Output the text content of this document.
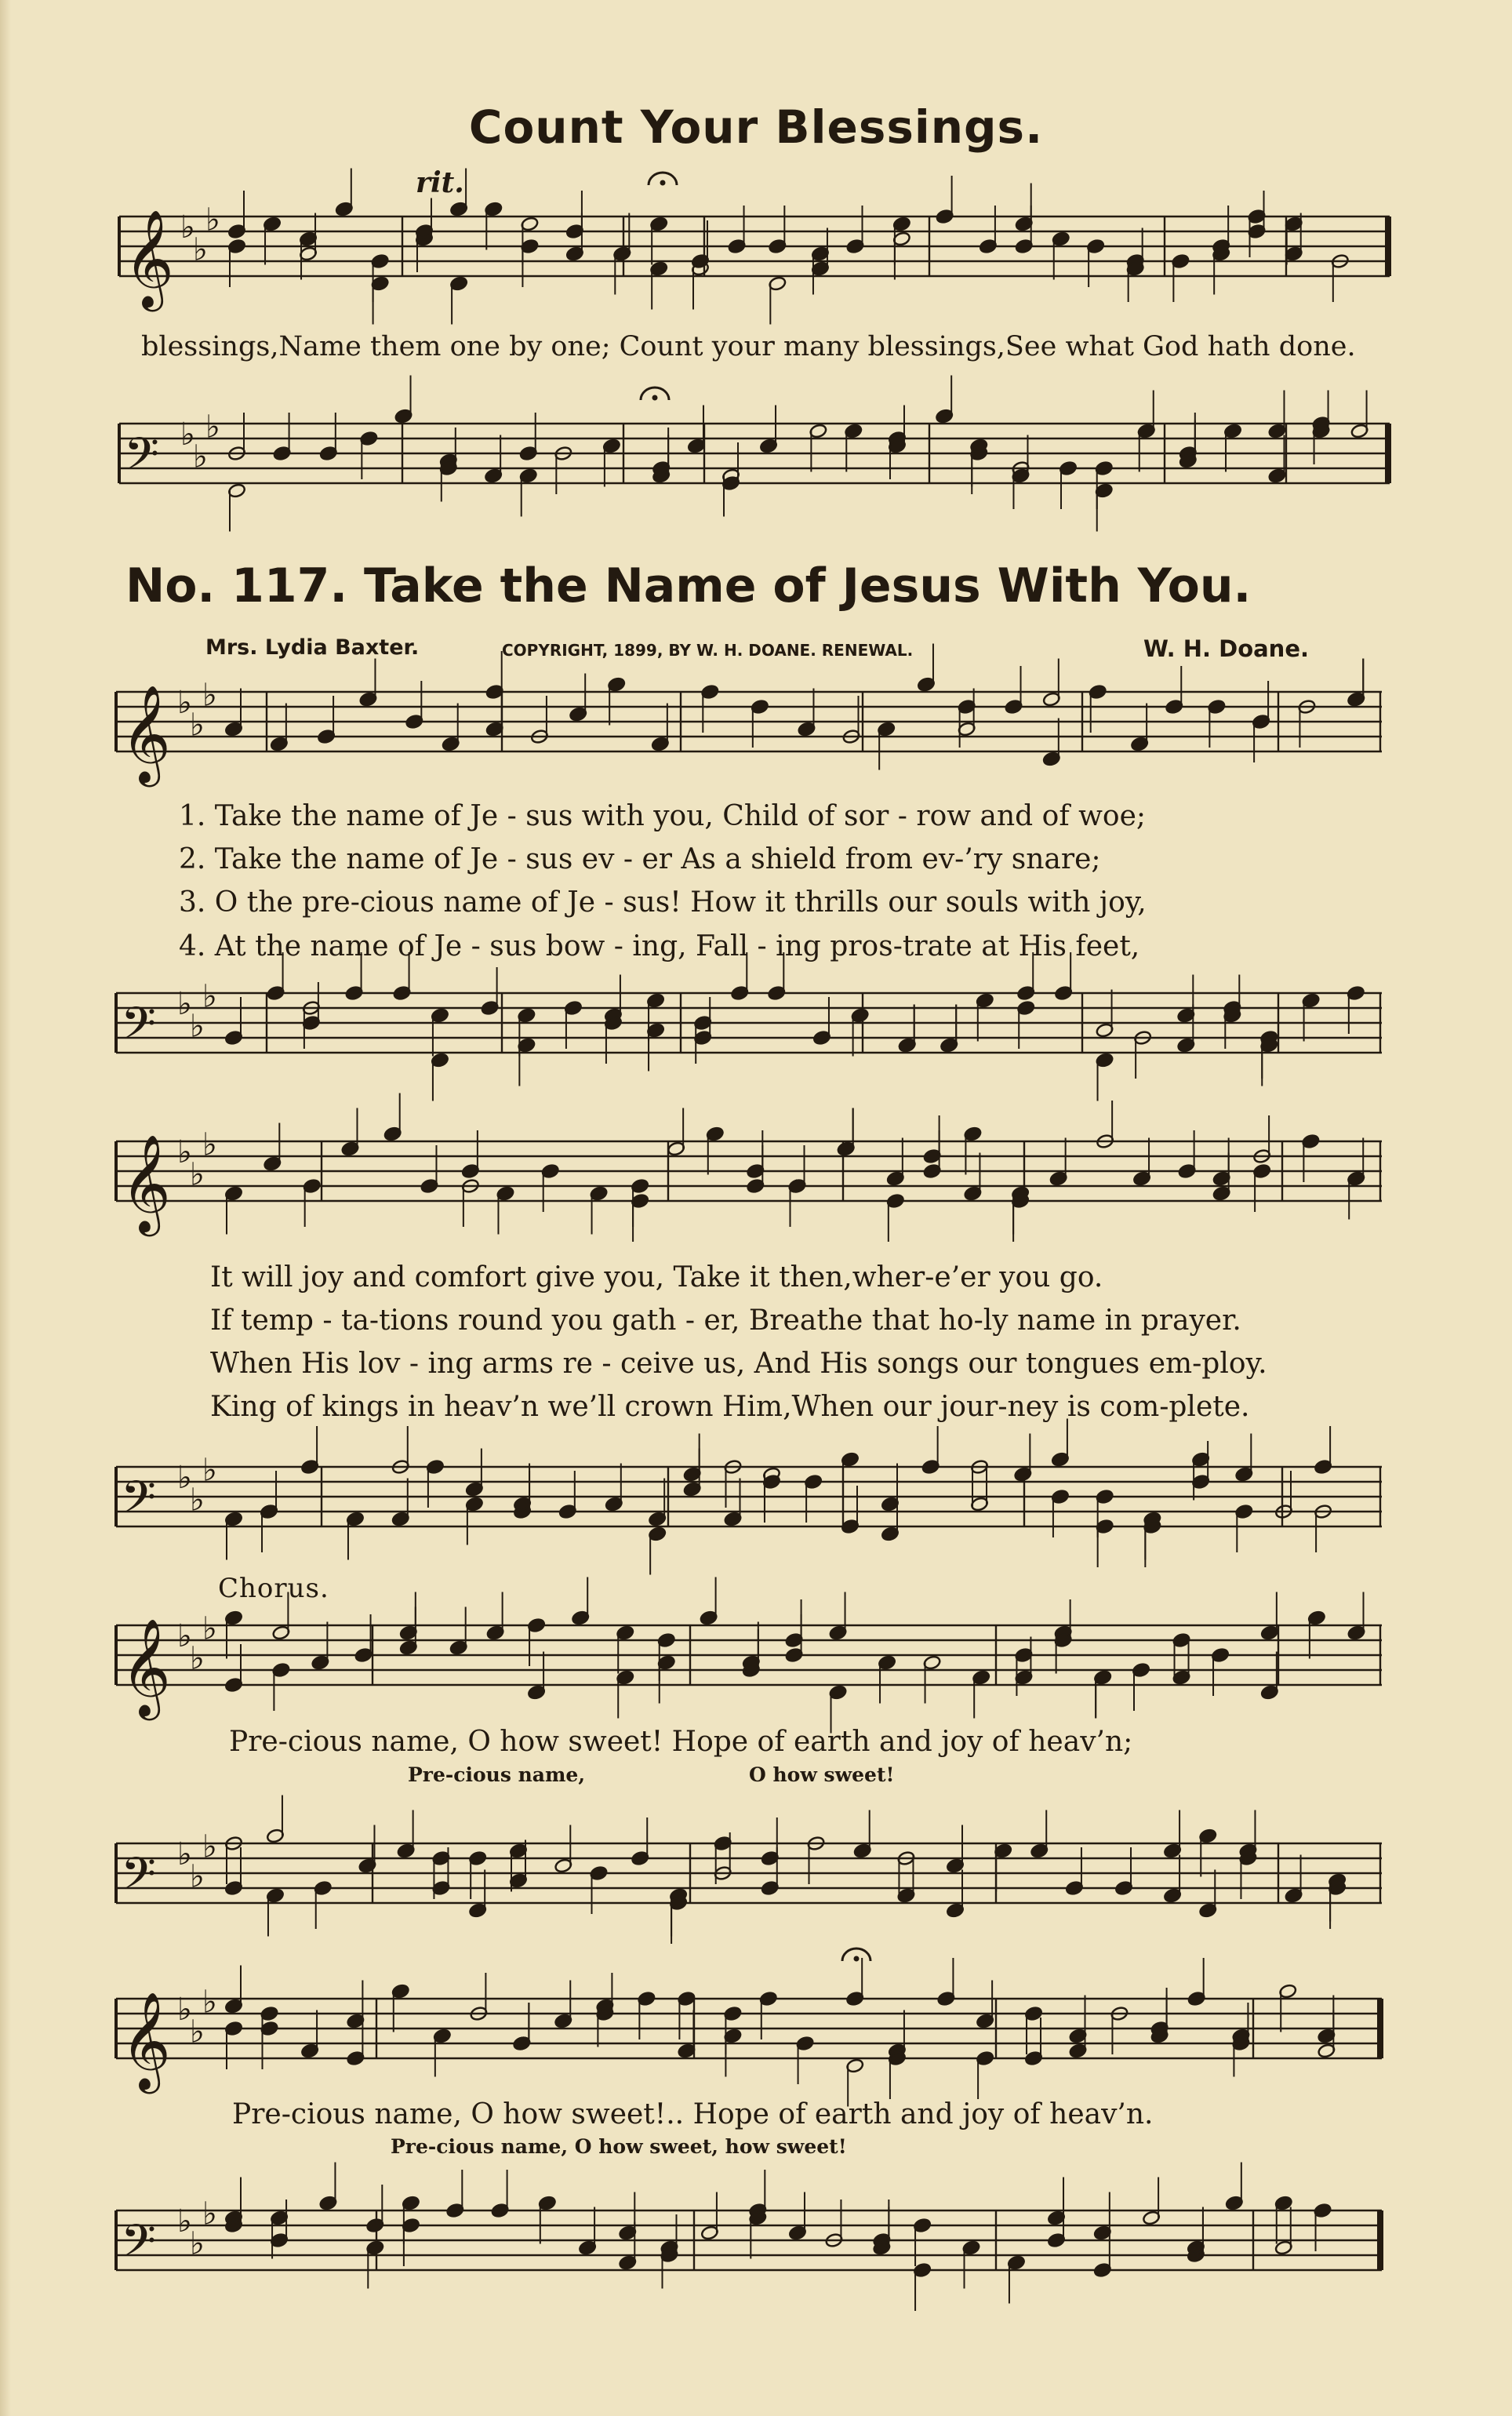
𝄞 ♭
♭
♭
𝄢 ♭
♭
♭
𝄞 ♭
♭
♭
𝄢 ♭
♭
♭
𝄞 ♭
♭
♭
𝄢 ♭
♭
♭
𝄞 ♭
♭
♭
𝄢 ♭
♭
♭
𝄞 ♭
♭
♭
𝄢 ♭
♭
♭
Count Your Blessings.
rit.
blessings,Name them one by one; Count your many blessings,See what God hath done.
No. 117. Take the Name of Jesus With You.
Mrs. Lydia Baxter.	COPYRIGHT, 1899, BY W. H. DOANE. RENEWAL.	W. H. Doane.
1. Take the name of Je - sus with you, Child of sor - row and of woe;
2. Take the name of Je - sus ev - er As a shield from ev-’ry snare;
3. O the pre-cious name of Je - sus! How it thrills our souls with joy,
4. At the name of Je - sus bow - ing, Fall - ing pros-trate at His feet,
It will joy and comfort give you, Take it then,wher-e’er you go.
If temp - ta-tions round you gath - er, Breathe that ho-ly name in prayer.
When His lov - ing arms re - ceive us, And His songs our tongues em-ploy.
King of kings in heav’n we’ll crown Him,When our jour-ney is com-plete.
Chorus.
Pre-cious name, O how sweet! Hope of earth and joy of heav’n;
Pre-cious name,	O how sweet!
Pre-cious name, O how sweet!.. Hope of earth and joy of heav’n.
Pre-cious name, O how sweet, how sweet!
